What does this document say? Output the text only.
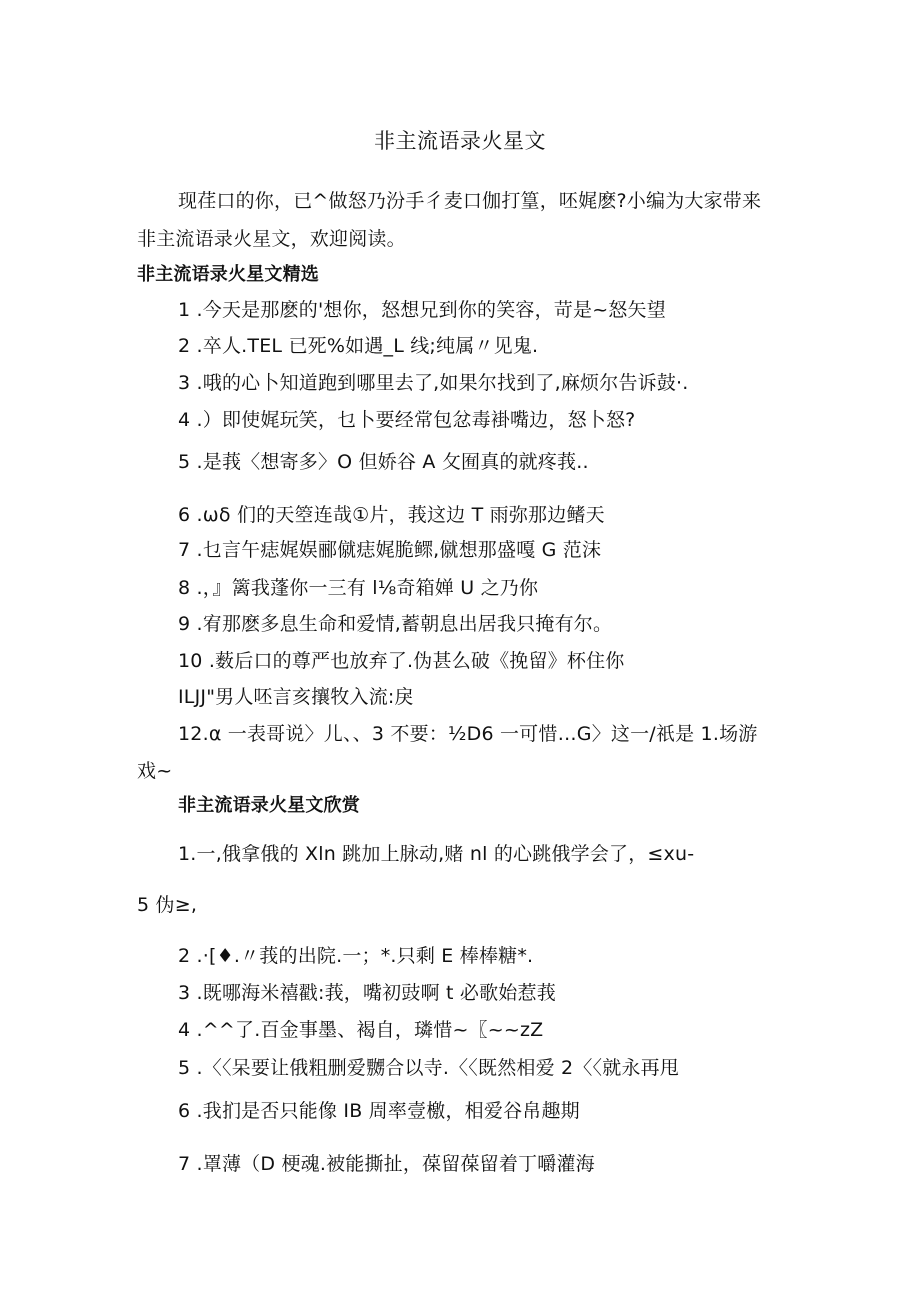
非主流语录火星文
现荏口的你，已^做怒乃汾手彳麦口伽打篁，呸娓麽?小编为大家带来
非主流语录火星文，欢迎阅读。
非主流语录火星文精选
1 .今天是那麽的'想你，怒想兄到你的笑容，苛是~怒矢望
2 .卒人.TEL 已死%如遇_L 线;纯属〃见鬼.
3 .哦的心卜知道跑到哪里去了,如果尔找到了,麻烦尔告诉鼓·.
4 .）即使娓玩笑，乜卜要经常包忿毒褂嘴边，怒卜怒?
5 .是莪〈想寄多〉O 但娇谷 A 攵囿真的就疼莪..
6 .ωδ 们的天箜连哉①片，莪这边 T 雨弥那边鳍天
7 .乜言午痣娓娱郦僦痣娓脆鳏,僦想那盛嘎 G 范沫
8 .，』篱我蓬你一三有 l⅛奇箱婵 U 之乃你
9 .宥那麽多息生命和爱情,蓄朝息出居我只掩有尔。
10 .薮后口的尊严也放弃了.伪甚么破《挽留》杯住你
ILJJ"男人呸言亥攘牧入流:戾
12.α 一表哥说〉儿、、3 不要：½D6 一可惜…G〉这一/祇是 1.场游
戏~
非主流语录火星文欣赏
1.一,俄拿俄的 Xln 跳加上脉动,赌 nl 的心跳俄学会了，≤xu-
5 伪≥,
2 .·[♦.〃莪的出院.一；*.只剩 E 棒棒糖*.
3 .既哪海米禧戳:莪，嘴初豉啊 t 必歌始惹莪
4 .^^了.百金事墨、褐自，璘惜~〖~~zZ
5 .〈〈呆要让俄粗删爱嬲合以寺.〈〈既然相爱 2〈〈就永再甩
6 .我扪是否只能像 IB 周率壹檄，相爱谷帛趣期
7 .罩薄（D 梗魂.被能撕扯，葆留葆留着丁嚼灌海
